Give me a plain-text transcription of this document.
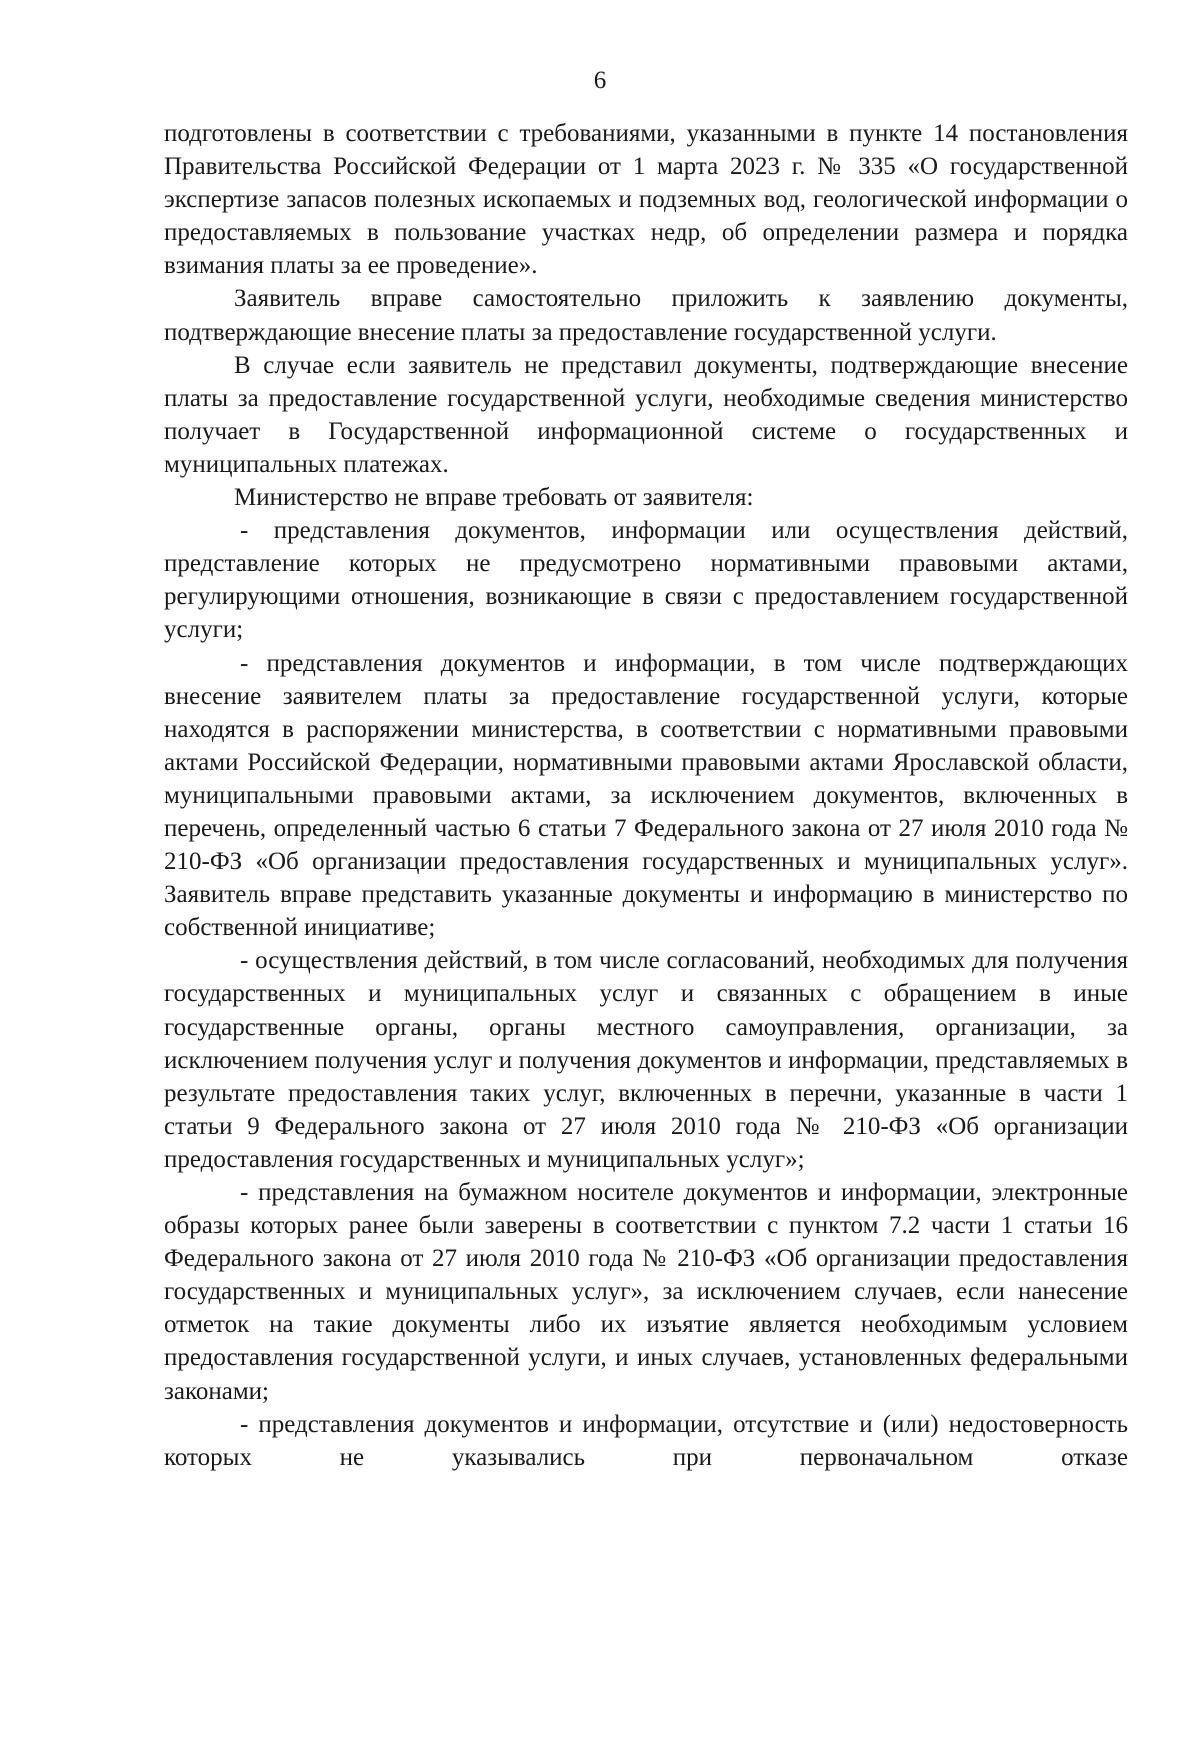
6

подготовлены в соответствии с требованиями, указанными в пункте 14 постановления Правительства Российской Федерации от 1 марта 2023 г. № 335 «О государственной экспертизе запасов полезных ископаемых и подземных вод, геологической информации о предоставляемых в пользование участках недр, об определении размера и порядка взимания платы за ее проведение».

Заявитель вправе самостоятельно приложить к заявлению документы, подтверждающие внесение платы за предоставление государственной услуги.

В случае если заявитель не представил документы, подтверждающие внесение платы за предоставление государственной услуги, необходимые сведения министерство получает в Государственной информационной системе о государственных и муниципальных платежах.

Министерство не вправе требовать от заявителя:

- представления документов, информации или осуществления действий, представление которых не предусмотрено нормативными правовыми актами, регулирующими отношения, возникающие в связи с предоставлением государственной услуги;

- представления документов и информации, в том числе подтверждающих внесение заявителем платы за предоставление государственной услуги, которые находятся в распоряжении министерства, в соответствии с нормативными правовыми актами Российской Федерации, нормативными правовыми актами Ярославской области, муниципальными правовыми актами, за исключением документов, включенных в перечень, определенный частью 6 статьи 7 Федерального закона от 27 июля 2010 года № 210-ФЗ «Об организации предоставления государственных и муниципальных услуг». Заявитель вправе представить указанные документы и информацию в министерство по собственной инициативе;

- осуществления действий, в том числе согласований, необходимых для получения государственных и муниципальных услуг и связанных с обращением в иные государственные органы, органы местного самоуправления, организации, за исключением получения услуг и получения документов и информации, представляемых в результате предоставления таких услуг, включенных в перечни, указанные в части 1 статьи 9 Федерального закона от 27 июля 2010 года № 210-ФЗ «Об организации предоставления государственных и муниципальных услуг»;

- представления на бумажном носителе документов и информации, электронные образы которых ранее были заверены в соответствии с пунктом 7.2 части 1 статьи 16 Федерального закона от 27 июля 2010 года № 210-ФЗ «Об организации предоставления государственных и муниципальных услуг», за исключением случаев, если нанесение отметок на такие документы либо их изъятие является необходимым условием предоставления государственной услуги, и иных случаев, установленных федеральными законами;

- представления документов и информации, отсутствие и (или) недостоверность которых не указывались при первоначальном отказе
